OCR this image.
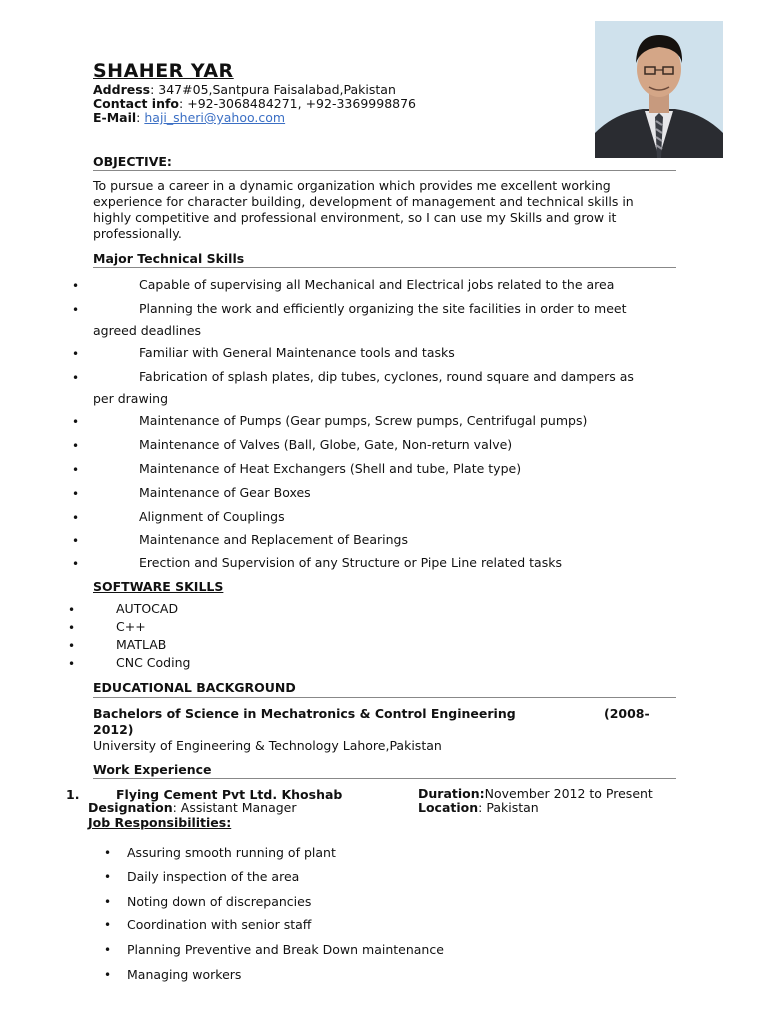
SHAHER YAR
Address: 347#05,Santpura Faisalabad,Pakistan
Contact info: +92-3068484271, +92-3369998876
E-Mail: haji_sheri@yahoo.com
OBJECTIVE:
To pursue a career in a dynamic organization which provides me excellent working experience for character building, development of management and technical skills in highly competitive and professional environment, so I can use my Skills and grow it professionally.
Major Technical Skills
•	Capable of supervising all Mechanical and Electrical jobs related to the area
•	Planning the work and efficiently organizing the site facilities in order to meet
agreed deadlines
•	Familiar with General Maintenance tools and tasks
•	Fabrication of splash plates, dip tubes, cyclones, round square and dampers as
per drawing
•	Maintenance of Pumps (Gear pumps, Screw pumps, Centrifugal pumps)
•	Maintenance of Valves (Ball, Globe, Gate, Non-return valve)
•	Maintenance of Heat Exchangers (Shell and tube, Plate type)
•	Maintenance of Gear Boxes
•	Alignment of Couplings
•	Maintenance and Replacement of Bearings
•	Erection and Supervision of any Structure or Pipe Line related tasks
SOFTWARE SKILLS
•	AUTOCAD
•	C++
•	MATLAB
•	CNC Coding
EDUCATIONAL BACKGROUND
Bachelors of Science in Mechatronics & Control Engineering	(2008-
2012)
University of Engineering & Technology Lahore,Pakistan
Work Experience
1.	Flying Cement Pvt Ltd. Khoshab	Duration:November 2012 to Present
Designation: Assistant Manager	Location: Pakistan
Job Responsibilities:
• Assuring smooth running of plant
• Daily inspection of the area
• Noting down of discrepancies
• Coordination with senior staff
• Planning Preventive and Break Down maintenance
• Managing workers
